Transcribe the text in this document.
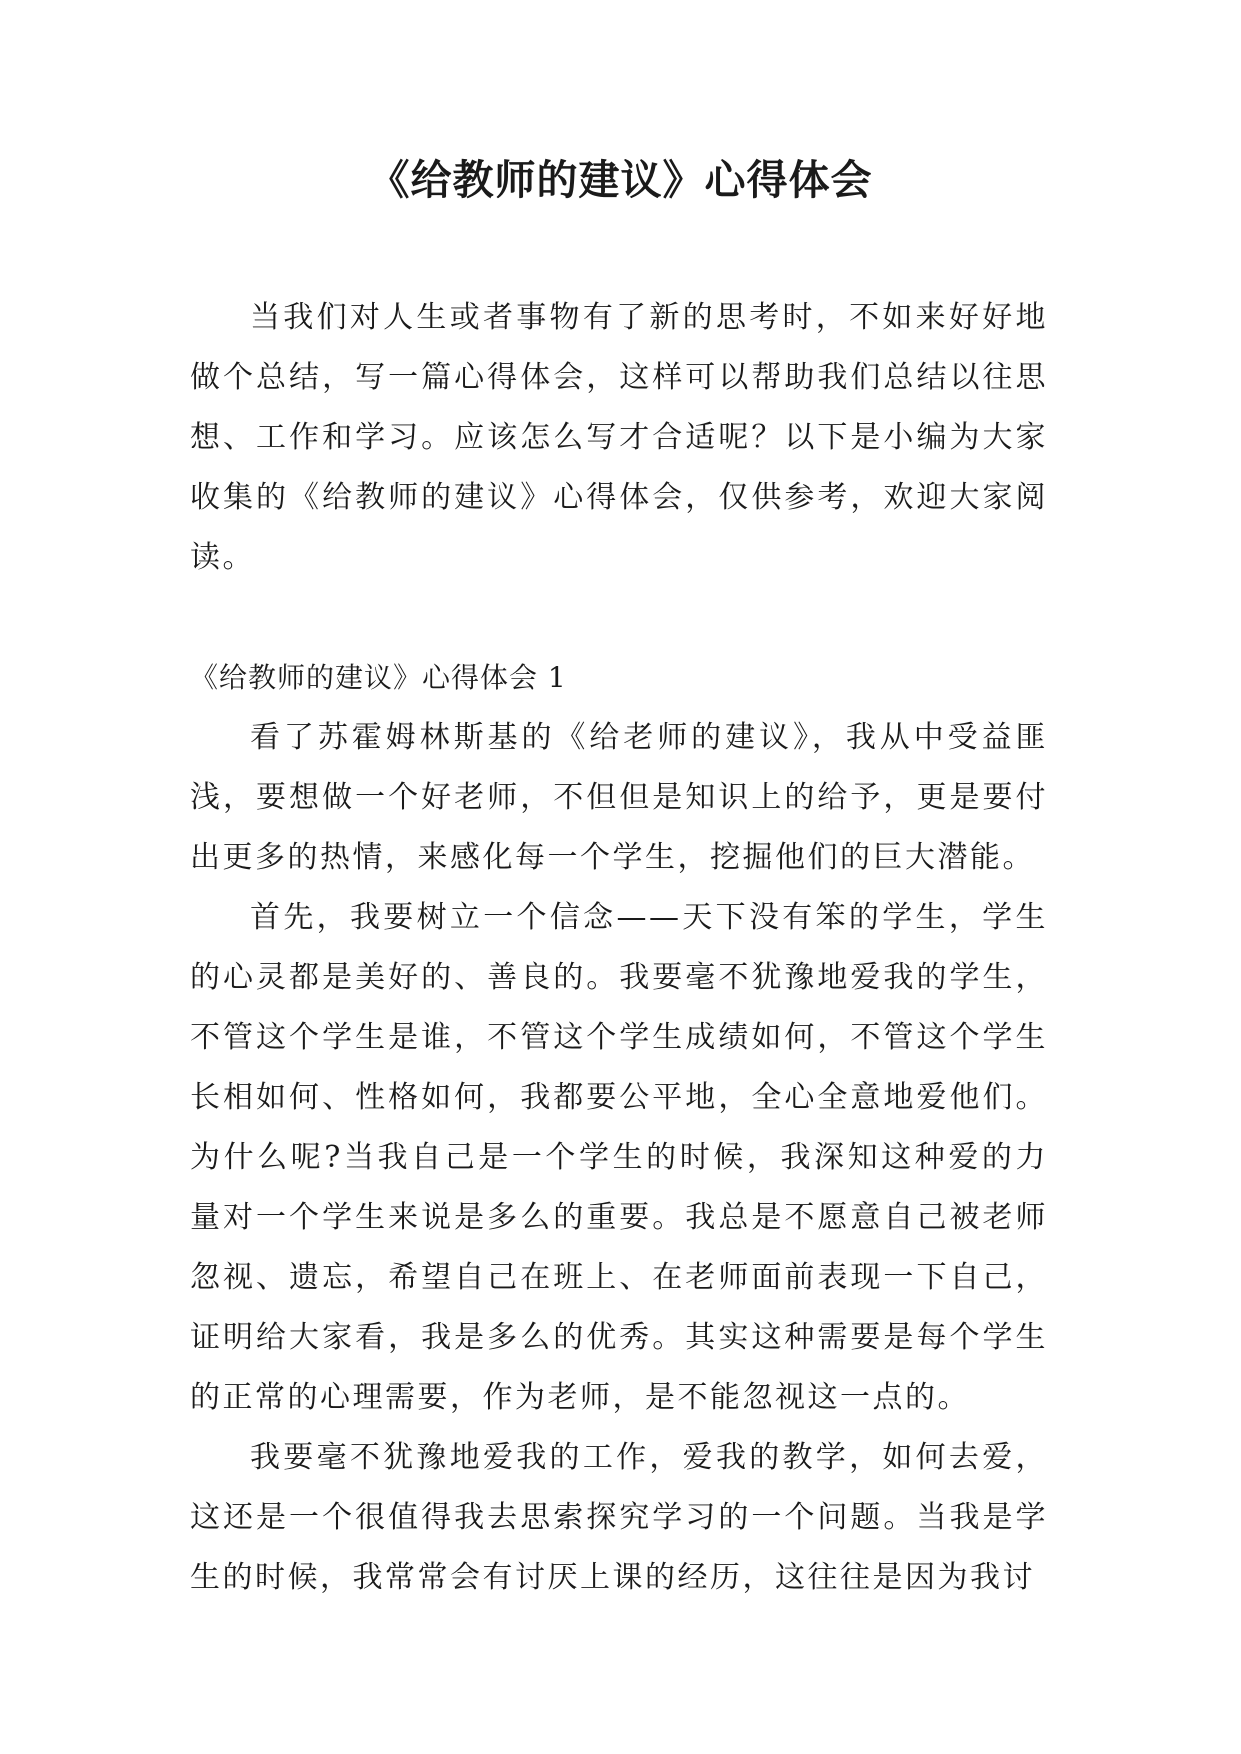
《给教师的建议》心得体会

当我们对人生或者事物有了新的思考时，不如来好好地做个总结，写一篇心得体会，这样可以帮助我们总结以往思想、工作和学习。应该怎么写才合适呢？以下是小编为大家收集的《给教师的建议》心得体会，仅供参考，欢迎大家阅读。

《给教师的建议》心得体会 1

看了苏霍姆林斯基的《给老师的建议》，我从中受益匪浅，要想做一个好老师，不但但是知识上的给予，更是要付出更多的热情，来感化每一个学生，挖掘他们的巨大潜能。

首先，我要树立一个信念——天下没有笨的学生，学生的心灵都是美好的、善良的。我要毫不犹豫地爱我的学生，不管这个学生是谁，不管这个学生成绩如何，不管这个学生长相如何、性格如何，我都要公平地，全心全意地爱他们。为什么呢?当我自己是一个学生的时候，我深知这种爱的力量对一个学生来说是多么的重要。我总是不愿意自己被老师忽视、遗忘，希望自己在班上、在老师面前表现一下自己，证明给大家看，我是多么的优秀。其实这种需要是每个学生的正常的心理需要，作为老师，是不能忽视这一点的。

我要毫不犹豫地爱我的工作，爱我的教学，如何去爱，这还是一个很值得我去思索探究学习的一个问题。当我是学生的时候，我常常会有讨厌上课的经历，这往往是因为我讨
